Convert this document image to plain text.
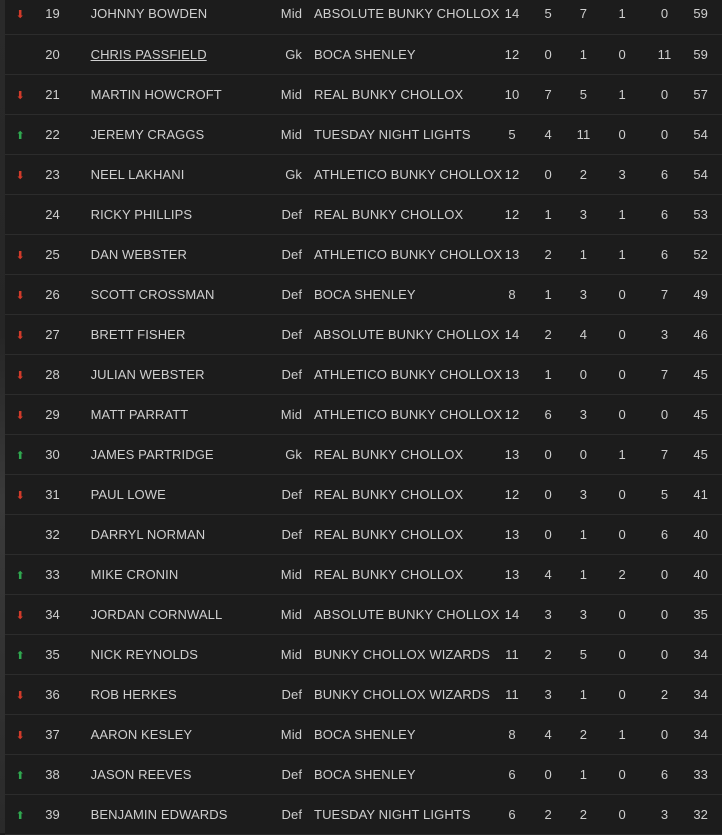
⬇	19	JOHNNY BOWDEN	Mid	ABSOLUTE BUNKY CHOLLOX	14	5	7	1	0	59
	20	CHRIS PASSFIELD	Gk	BOCA SHENLEY	12	0	1	0	11	59
⬇	21	MARTIN HOWCROFT	Mid	REAL BUNKY CHOLLOX	10	7	5	1	0	57
⬆	22	JEREMY CRAGGS	Mid	TUESDAY NIGHT LIGHTS	5	4	11	0	0	54
⬇	23	NEEL LAKHANI	Gk	ATHLETICO BUNKY CHOLLOX	12	0	2	3	6	54
	24	RICKY PHILLIPS	Def	REAL BUNKY CHOLLOX	12	1	3	1	6	53
⬇	25	DAN WEBSTER	Def	ATHLETICO BUNKY CHOLLOX	13	2	1	1	6	52
⬇	26	SCOTT CROSSMAN	Def	BOCA SHENLEY	8	1	3	0	7	49
⬇	27	BRETT FISHER	Def	ABSOLUTE BUNKY CHOLLOX	14	2	4	0	3	46
⬇	28	JULIAN WEBSTER	Def	ATHLETICO BUNKY CHOLLOX	13	1	0	0	7	45
⬇	29	MATT PARRATT	Mid	ATHLETICO BUNKY CHOLLOX	12	6	3	0	0	45
⬆	30	JAMES PARTRIDGE	Gk	REAL BUNKY CHOLLOX	13	0	0	1	7	45
⬇	31	PAUL LOWE	Def	REAL BUNKY CHOLLOX	12	0	3	0	5	41
	32	DARRYL NORMAN	Def	REAL BUNKY CHOLLOX	13	0	1	0	6	40
⬆	33	MIKE CRONIN	Mid	REAL BUNKY CHOLLOX	13	4	1	2	0	40
⬇	34	JORDAN CORNWALL	Mid	ABSOLUTE BUNKY CHOLLOX	14	3	3	0	0	35
⬆	35	NICK REYNOLDS	Mid	BUNKY CHOLLOX WIZARDS	11	2	5	0	0	34
⬇	36	ROB HERKES	Def	BUNKY CHOLLOX WIZARDS	11	3	1	0	2	34
⬇	37	AARON KESLEY	Mid	BOCA SHENLEY	8	4	2	1	0	34
⬆	38	JASON REEVES	Def	BOCA SHENLEY	6	0	1	0	6	33
⬆	39	BENJAMIN EDWARDS	Def	TUESDAY NIGHT LIGHTS	6	2	2	0	3	32
